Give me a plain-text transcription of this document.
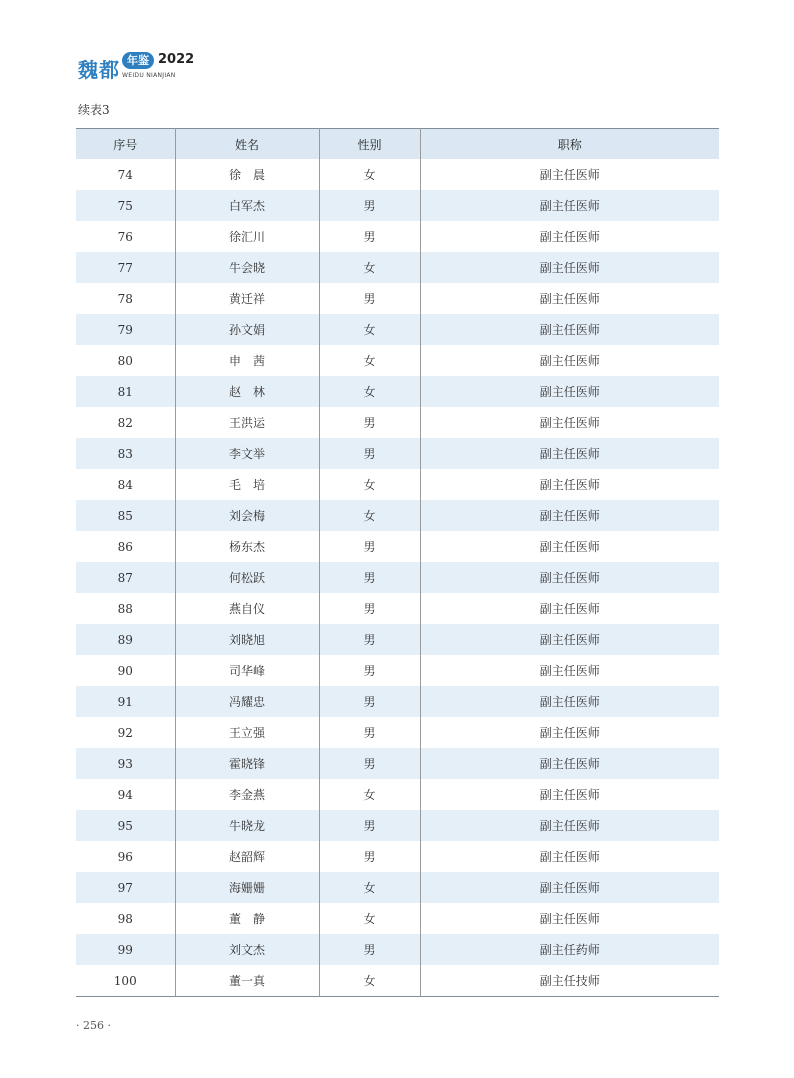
魏都 年鉴 2022
WEIDU NIANJIAN
续表3
序号	姓名	性别	职称
74	徐　晨	女	副主任医师
75	白军杰	男	副主任医师
76	徐汇川	男	副主任医师
77	牛会晓	女	副主任医师
78	黄迁祥	男	副主任医师
79	孙文娟	女	副主任医师
80	申　茜	女	副主任医师
81	赵　林	女	副主任医师
82	王洪运	男	副主任医师
83	李文举	男	副主任医师
84	毛　培	女	副主任医师
85	刘会梅	女	副主任医师
86	杨东杰	男	副主任医师
87	何松跃	男	副主任医师
88	燕自仪	男	副主任医师
89	刘晓旭	男	副主任医师
90	司华峰	男	副主任医师
91	冯耀忠	男	副主任医师
92	王立强	男	副主任医师
93	霍晓锋	男	副主任医师
94	李金燕	女	副主任医师
95	牛晓龙	男	副主任医师
96	赵韶辉	男	副主任医师
97	海姗姗	女	副主任医师
98	董　静	女	副主任医师
99	刘文杰	男	副主任药师
100	董一真	女	副主任技师
· 256 ·
